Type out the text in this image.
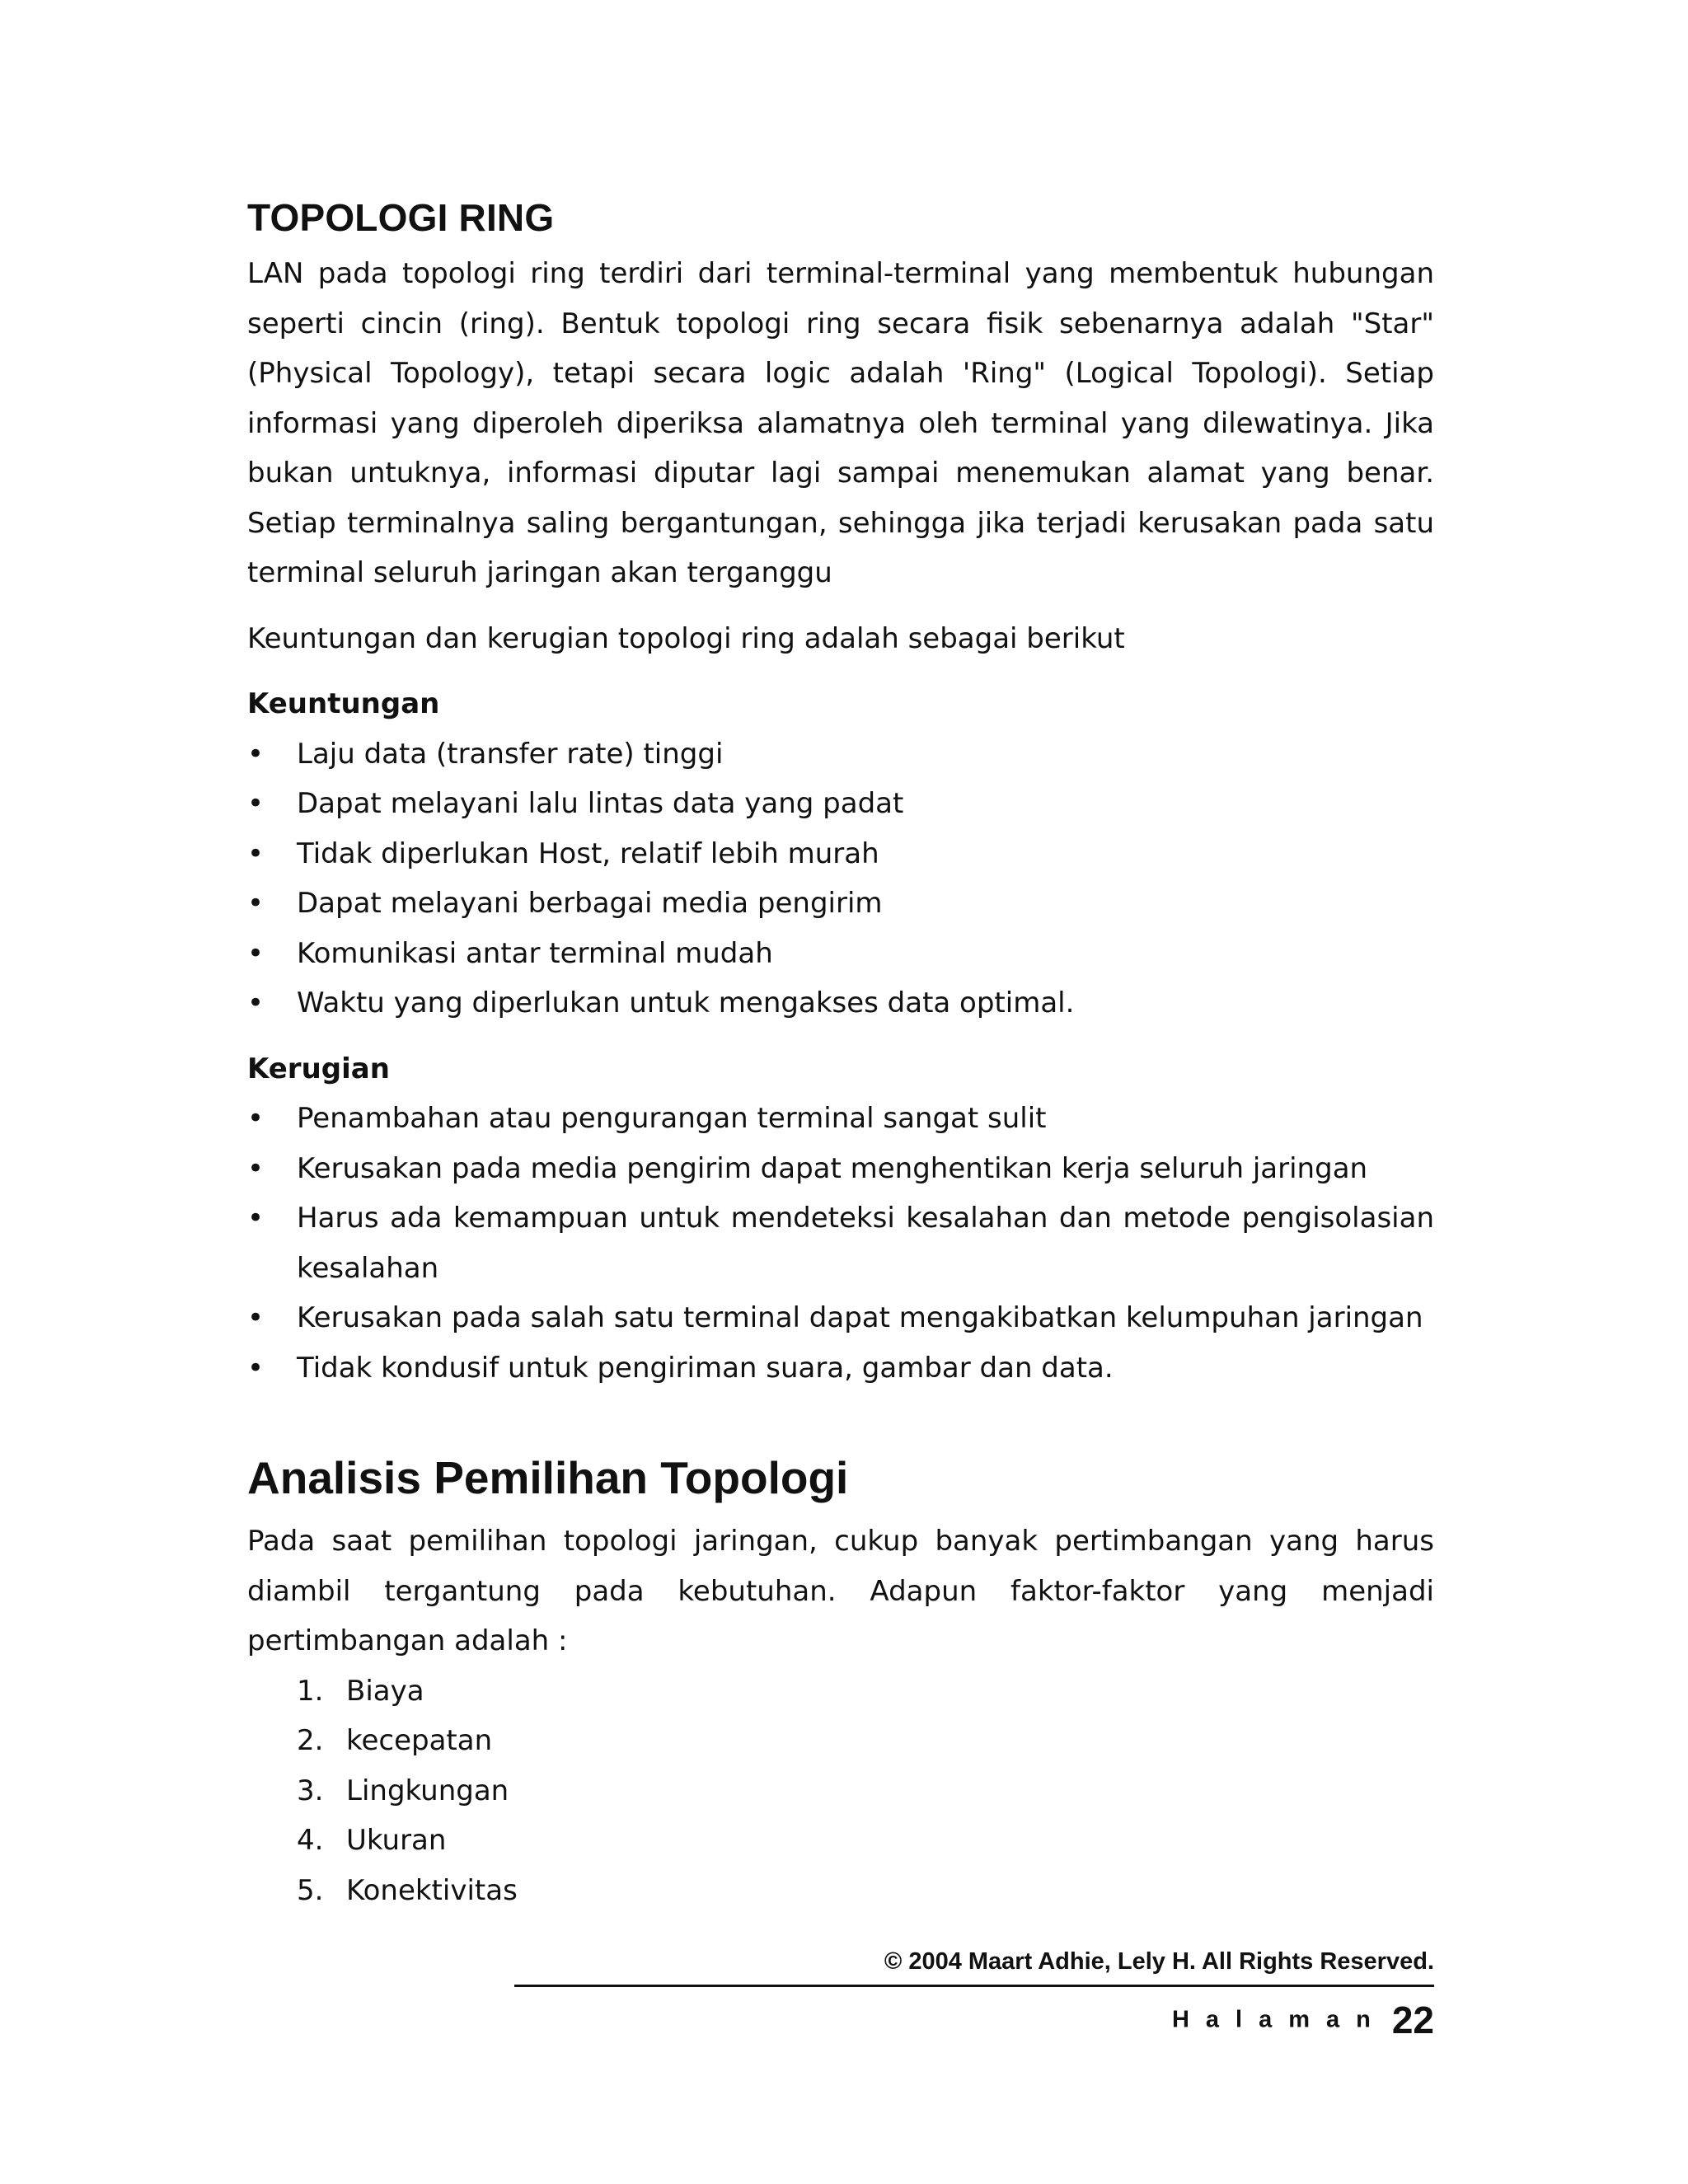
TOPOLOGI RING

LAN pada topologi ring terdiri dari terminal-terminal yang membentuk hubungan seperti cincin (ring). Bentuk topologi ring secara fisik sebenarnya adalah "Star" (Physical Topology), tetapi secara logic adalah 'Ring" (Logical Topologi). Setiap informasi yang diperoleh diperiksa alamatnya oleh terminal yang dilewatinya. Jika bukan untuknya, informasi diputar lagi sampai menemukan alamat yang benar. Setiap terminalnya saling bergantungan, sehingga jika terjadi kerusakan pada satu terminal seluruh jaringan akan terganggu

Keuntungan dan kerugian topologi ring adalah sebagai berikut

Keuntungan
• Laju data (transfer rate) tinggi
• Dapat melayani lalu lintas data yang padat
• Tidak diperlukan Host, relatif lebih murah
• Dapat melayani berbagai media pengirim
• Komunikasi antar terminal mudah
• Waktu yang diperlukan untuk mengakses data optimal.
Kerugian
• Penambahan atau pengurangan terminal sangat sulit
• Kerusakan pada media pengirim dapat menghentikan kerja seluruh jaringan
• Harus ada kemampuan untuk mendeteksi kesalahan dan metode pengisolasian kesalahan
• Kerusakan pada salah satu terminal dapat mengakibatkan kelumpuhan jaringan
• Tidak kondusif untuk pengiriman suara, gambar dan data.
Analisis Pemilihan Topologi

Pada saat pemilihan topologi jaringan, cukup banyak pertimbangan yang harus diambil tergantung pada kebutuhan. Adapun faktor-faktor yang menjadi pertimbangan adalah :

1. Biaya
2. kecepatan
3. Lingkungan
4. Ukuran
5. Konektivitas
© 2004 Maart Adhie, Lely H. All Rights Reserved.
Halaman 22
